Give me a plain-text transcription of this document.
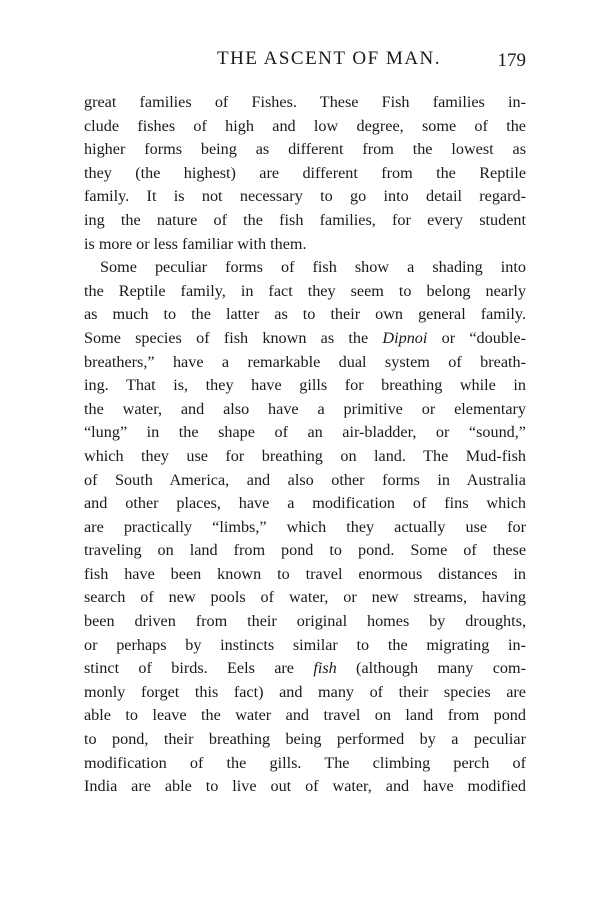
THE ASCENT OF MAN.	179
great families of Fishes. These Fish families in-
clude fishes of high and low degree, some of the
higher forms being as different from the lowest as
they (the highest) are different from the Reptile
family. It is not necessary to go into detail regard-
ing the nature of the fish families, for every student
is more or less familiar with them.
Some peculiar forms of fish show a shading into
the Reptile family, in fact they seem to belong nearly
as much to the latter as to their own general family.
Some species of fish known as the Dipnoi or “double-
breathers,” have a remarkable dual system of breath-
ing. That is, they have gills for breathing while in
the water, and also have a primitive or elementary
“lung” in the shape of an air-bladder, or “sound,”
which they use for breathing on land. The Mud-fish
of South America, and also other forms in Australia
and other places, have a modification of fins which
are practically “limbs,” which they actually use for
traveling on land from pond to pond. Some of these
fish have been known to travel enormous distances in
search of new pools of water, or new streams, having
been driven from their original homes by droughts,
or perhaps by instincts similar to the migrating in-
stinct of birds. Eels are fish (although many com-
monly forget this fact) and many of their species are
able to leave the water and travel on land from pond
to pond, their breathing being performed by a peculiar
modification of the gills. The climbing perch of
India are able to live out of water, and have modified
